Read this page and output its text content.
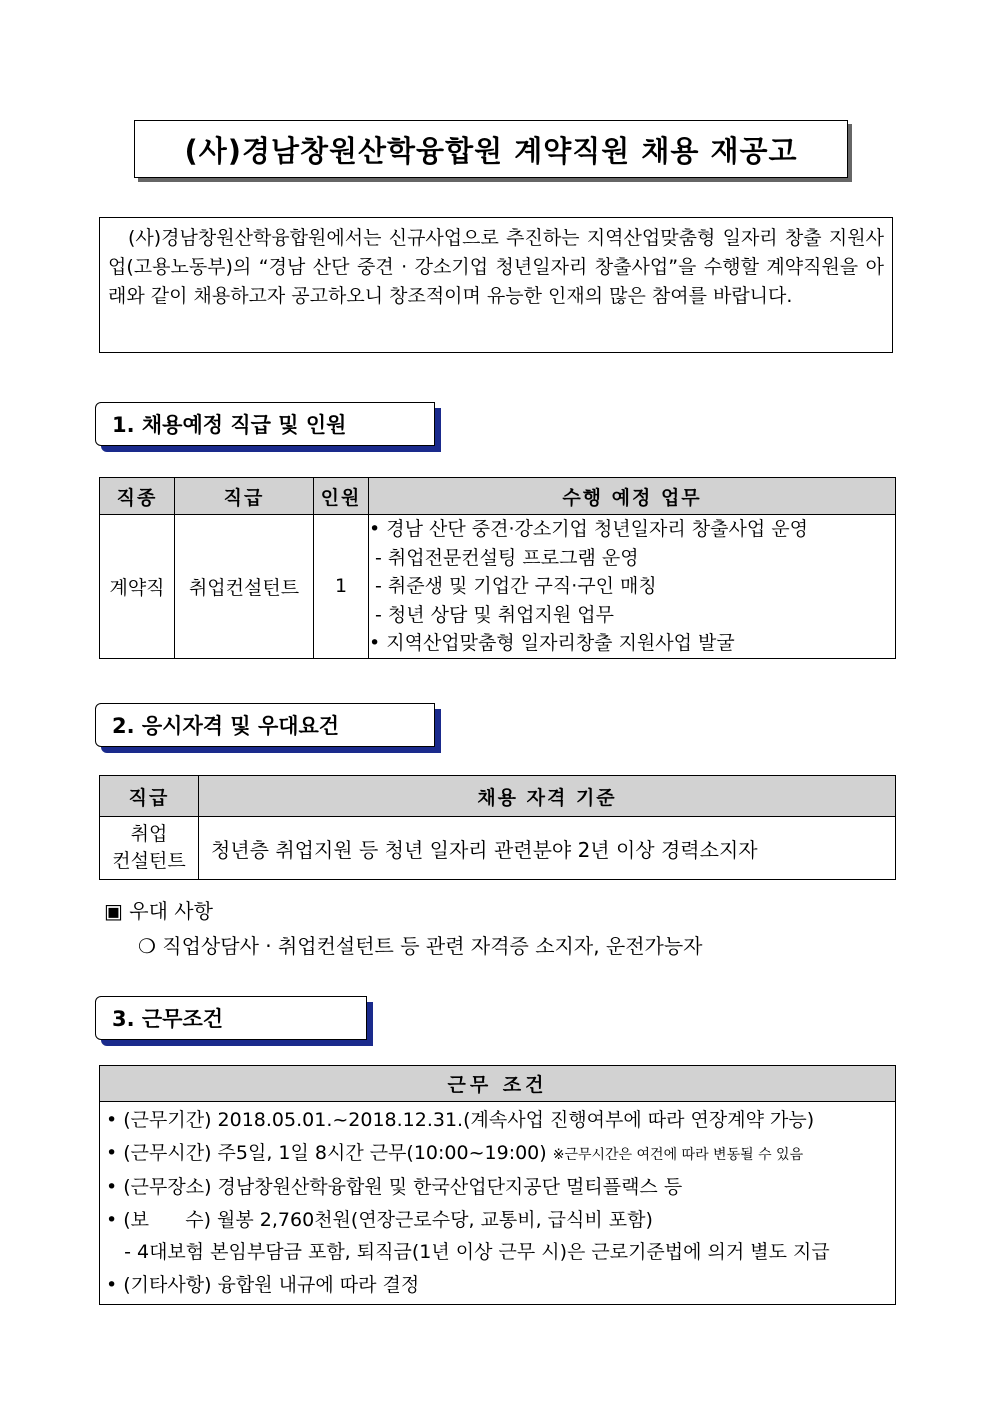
(사)경남창원산학융합원 계약직원 채용 재공고
(사)경남창원산학융합원에서는 신규사업으로 추진하는 지역산업맞춤형 일자리 창출 지원사업(고용노동부)의 “경남 산단 중견 · 강소기업 청년일자리 창출사업”을 수행할 계약직원을 아래와 같이 채용하고자 공고하오니 창조적이며 유능한 인재의 많은 참여를 바랍니다.
1. 채용예정 직급 및 인원
직종	직급	인원	수행 예정 업무
계약직	취업컨설턴트	1	• 경남 산단 중견·강소기업 청년일자리 창출사업 운영
- 취업전문컨설팅 프로그램 운영
- 취준생 및 기업간 구직·구인 매칭
- 청년 상담 및 취업지원 업무
• 지역산업맞춤형 일자리창출 지원사업 발굴
2. 응시자격 및 우대요건
직급	채용 자격 기준

취업
컨설턴트	청년층 취업지원 등 청년 일자리 관련분야 2년 이상 경력소지자
▣ 우대 사항
❍ 직업상담사 · 취업컨설턴트 등 관련 자격증 소지자, 운전가능자
3. 근무조건
근무 조건

• (근무기간) 2018.05.01.~2018.12.31.(계속사업 진행여부에 따라 연장계약 가능)
• (근무시간) 주5일, 1일 8시간 근무(10:00~19:00) ※근무시간은 여건에 따라 변동될 수 있음
• (근무장소) 경남창원산학융합원 및 한국산업단지공단 멀티플랙스 등
• (보      수) 월봉 2,760천원(연장근로수당, 교통비, 급식비 포함)
- 4대보험 본임부담금 포함, 퇴직금(1년 이상 근무 시)은 근로기준법에 의거 별도 지급
• (기타사항) 융합원 내규에 따라 결정
